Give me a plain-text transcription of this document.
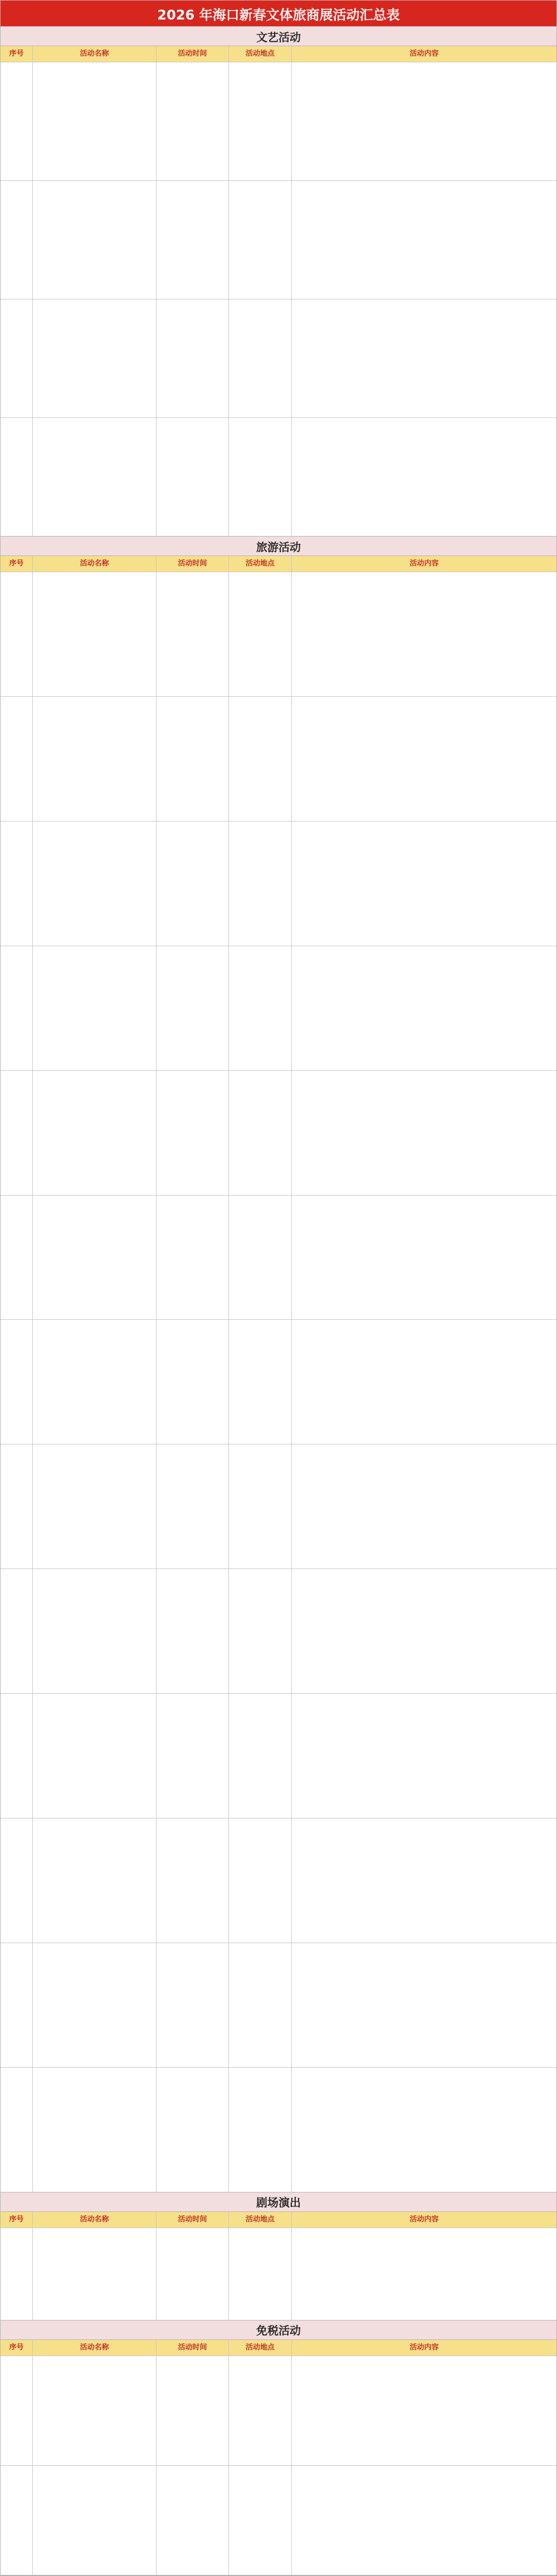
2026 年海口新春文体旅商展活动汇总表
文艺活动
序号	活动名称	活动时间	活动地点	活动内容
旅游活动
序号	活动名称	活动时间	活动地点	活动内容
剧场演出
序号	活动名称	活动时间	活动地点	活动内容
免税活动
序号	活动名称	活动时间	活动地点	活动内容
